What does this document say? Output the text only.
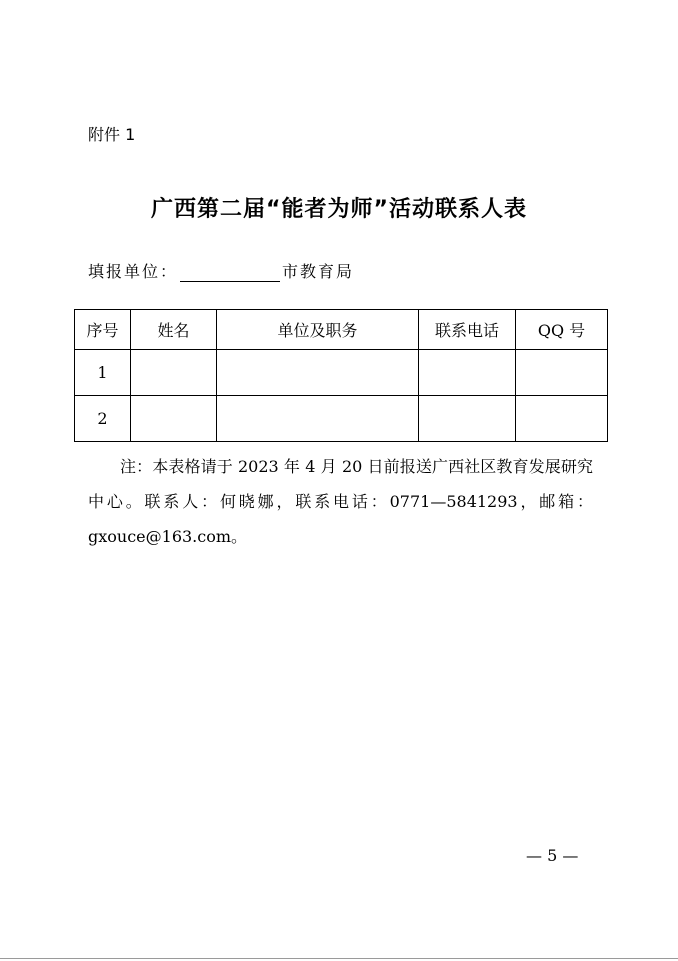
附件 1
广西第二届“能者为师”活动联系人表
填报单位：	市教育局
序号	姓名	单位及职务	联系电话	QQ 号
1				
2				

注：本表格请于 2023 年 4 月 20 日前报送广西社区教育发展研究中心。联系人：何晓娜，联系电话：0771—5841293，邮箱：gxouce@163.com。

— 5 —
